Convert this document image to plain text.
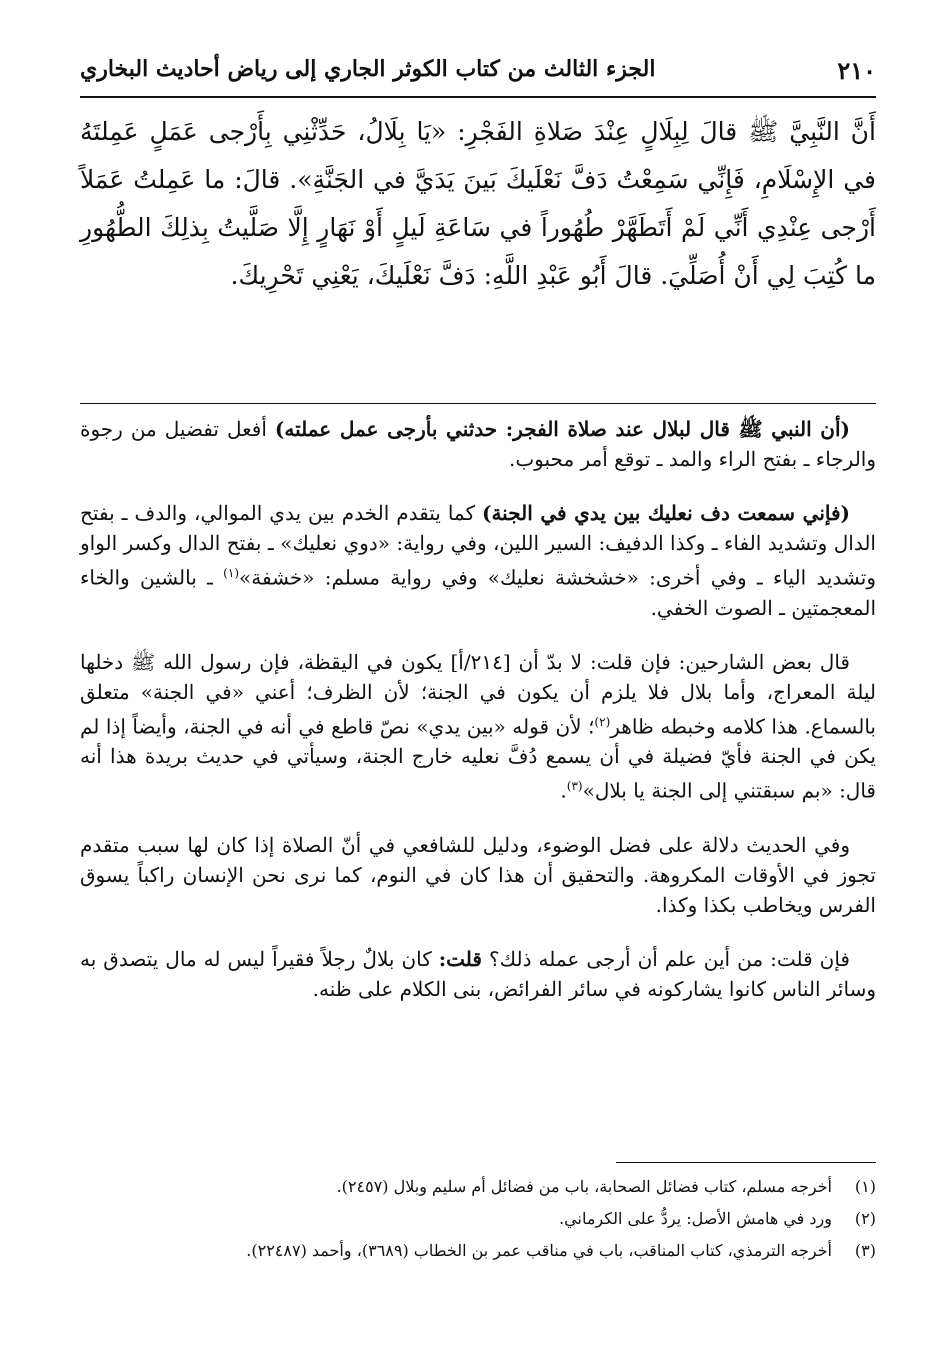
٢١٠
الجزء الثالث من كتاب الكوثر الجاري إلى رياض أحاديث البخاري

أَنَّ النَّبِيَّ ﷺ قالَ لِبِلَالٍ عِنْدَ صَلاةِ الفَجْرِ: «يَا بِلَالُ، حَدِّثْنِي بِأَرْجى عَمَلٍ عَمِلتَهُ في الإِسْلَامِ، فَإِنِّي سَمِعْتُ دَفَّ نَعْلَيكَ بَينَ يَدَيَّ في الجَنَّةِ». قالَ: ما عَمِلتُ عَمَلاً أَرْجى عِنْدِي أَنِّي لَمْ أَتَطَهَّرْ طُهُوراً في سَاعَةِ لَيلٍ أَوْ نَهَارٍ إِلَّا صَلَّيتُ بِذلِكَ الطُّهُورِ ما كُتِبَ لِي أَنْ أُصَلِّيَ. قالَ أَبُو عَبْدِ اللَّهِ: دَفَّ نَعْلَيكَ، يَعْنِي تَحْرِيكَ.

(أن النبي ﷺ قال لبلال عند صلاة الفجر: حدثني بأرجى عمل عملته) أفعل تفضيل من رجوة والرجاء ـ بفتح الراء والمد ـ توقع أمر محبوب.

(فإني سمعت دف نعليك بين يدي في الجنة) كما يتقدم الخدم بين يدي الموالي، والدف ـ بفتح الدال وتشديد الفاء ـ وكذا الدفيف: السير اللين، وفي رواية: «دوي نعليك» ـ بفتح الدال وكسر الواو وتشديد الياء ـ وفي أخرى: «خشخشة نعليك» وفي رواية مسلم: «خشفة»$^{(١)}$ ـ بالشين والخاء المعجمتين ـ الصوت الخفي.

قال بعض الشارحين: فإن قلت: لا بدّ أن [٢١٤/أ] يكون في اليقظة، فإن رسول الله ﷺ دخلها ليلة المعراج، وأما بلال فلا يلزم أن يكون في الجنة؛ لأن الظرف؛ أعني «في الجنة» متعلق بالسماع. هذا كلامه وخبطه ظاهر$^{(٢)}$؛ لأن قوله «بين يدي» نصّ قاطع في أنه في الجنة، وأيضاً إذا لم يكن في الجنة فأيّ فضيلة في أن يسمع دُفَّ نعليه خارج الجنة، وسيأتي في حديث بريدة هذا أنه قال: «بم سبقتني إلى الجنة يا بلال»$^{(٣)}$.

وفي الحديث دلالة على فضل الوضوء، ودليل للشافعي في أنّ الصلاة إذا كان لها سبب متقدم تجوز في الأوقات المكروهة. والتحقيق أن هذا كان في النوم، كما نرى نحن الإنسان راكباً يسوق الفرس ويخاطب بكذا وكذا.

فإن قلت: من أين علم أن أرجى عمله ذلك؟ قلت: كان بلالٌ رجلاً فقيراً ليس له مال يتصدق به وسائر الناس كانوا يشاركونه في سائر الفرائض، بنى الكلام على ظنه.

(١)أخرجه مسلم، كتاب فضائل الصحابة، باب من فضائل أم سليم وبلال (٢٤٥٧).
(٢)ورد في هامش الأصل: يردُّ على الكرماني.
(٣)أخرجه الترمذي، كتاب المناقب، باب في مناقب عمر بن الخطاب (٣٦٨٩)، وأحمد (٢٢٤٨٧).
